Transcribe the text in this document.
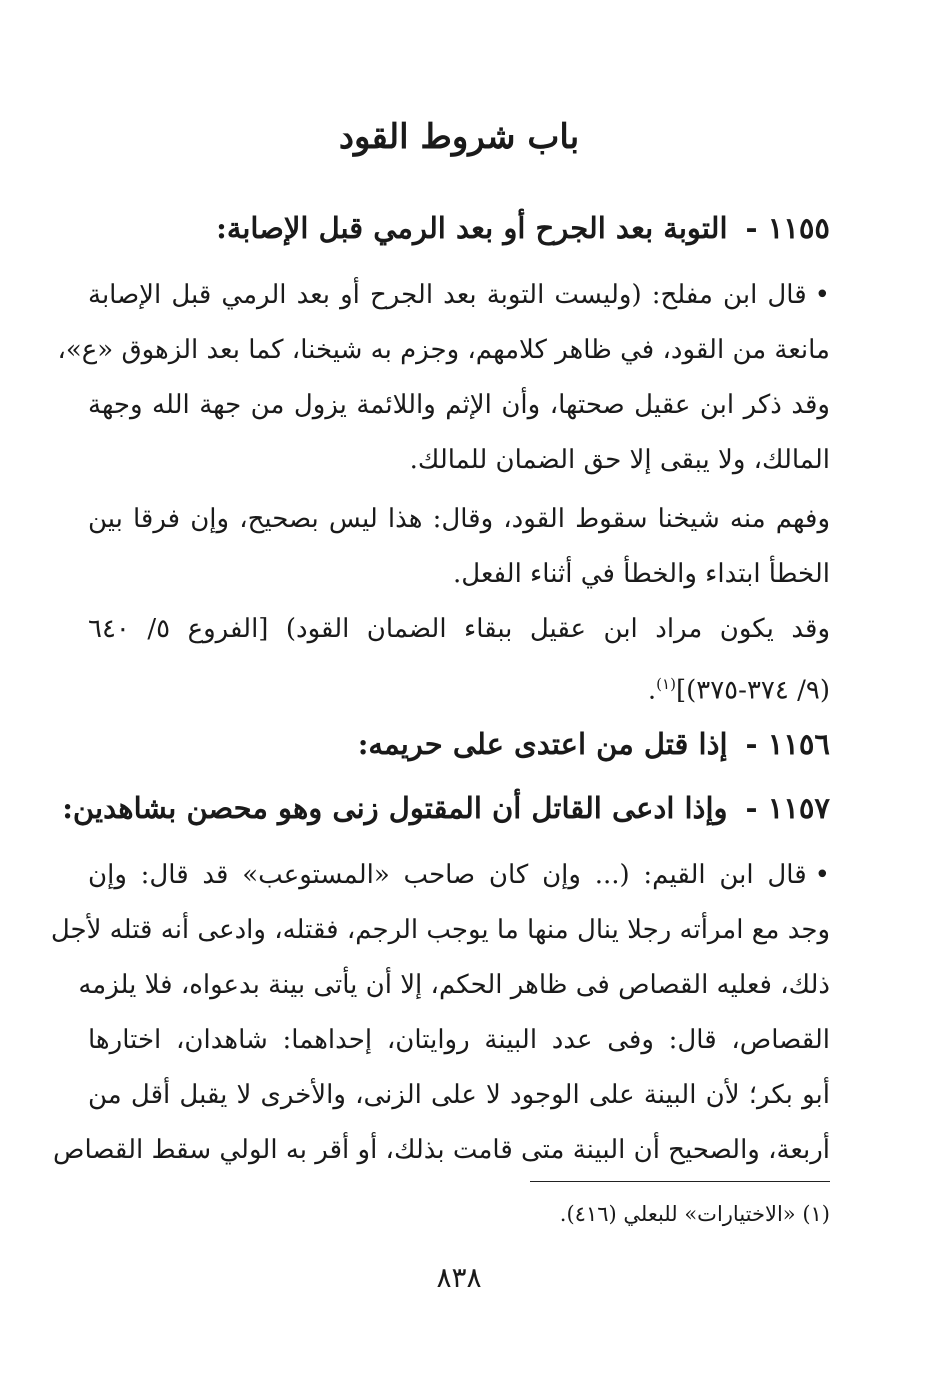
باب شروط القود
١١٥٥ -التوبة بعد الجرح أو بعد الرمي قبل الإصابة:
•قال ابن مفلح: (وليست التوبة بعد الجرح أو بعد الرمي قبل الإصابة
مانعة من القود، في ظاهر كلامهم، وجزم به شيخنا، كما بعد الزهوق «ع»،
وقد ذكر ابن عقيل صحتها، وأن الإثم واللائمة يزول من جهة الله وجهة
المالك، ولا يبقى إلا حق الضمان للمالك.
وفهم منه شيخنا سقوط القود، وقال: هذا ليس بصحيح، وإن فرقا بين
الخطأ ابتداء والخطأ في أثناء الفعل.
وقد يكون مراد ابن عقيل ببقاء الضمان القود) [الفروع ٥/ ٦٤٠
(٩/ ٣٧٤-٣٧٥)]$^{(١)}$.
١١٥٦ -إذا قتل من اعتدى على حريمه:
١١٥٧ -وإذا ادعى القاتل أن المقتول زنى وهو محصن بشاهدين:
•قال ابن القيم: (... وإن كان صاحب «المستوعب» قد قال: وإن
وجد مع امرأته رجلا ينال منها ما يوجب الرجم، فقتله، وادعى أنه قتله لأجل
ذلك، فعليه القصاص فى ظاهر الحكم، إلا أن يأتى بينة بدعواه، فلا يلزمه
القصاص، قال: وفى عدد البينة روايتان، إحداهما: شاهدان، اختارها
أبو بكر؛ لأن البينة على الوجود لا على الزنى، والأخرى لا يقبل أقل من
أربعة، والصحيح أن البينة متى قامت بذلك، أو أقر به الولي سقط القصاص
(١) «الاختيارات» للبعلي (٤١٦).
٨٣٨
